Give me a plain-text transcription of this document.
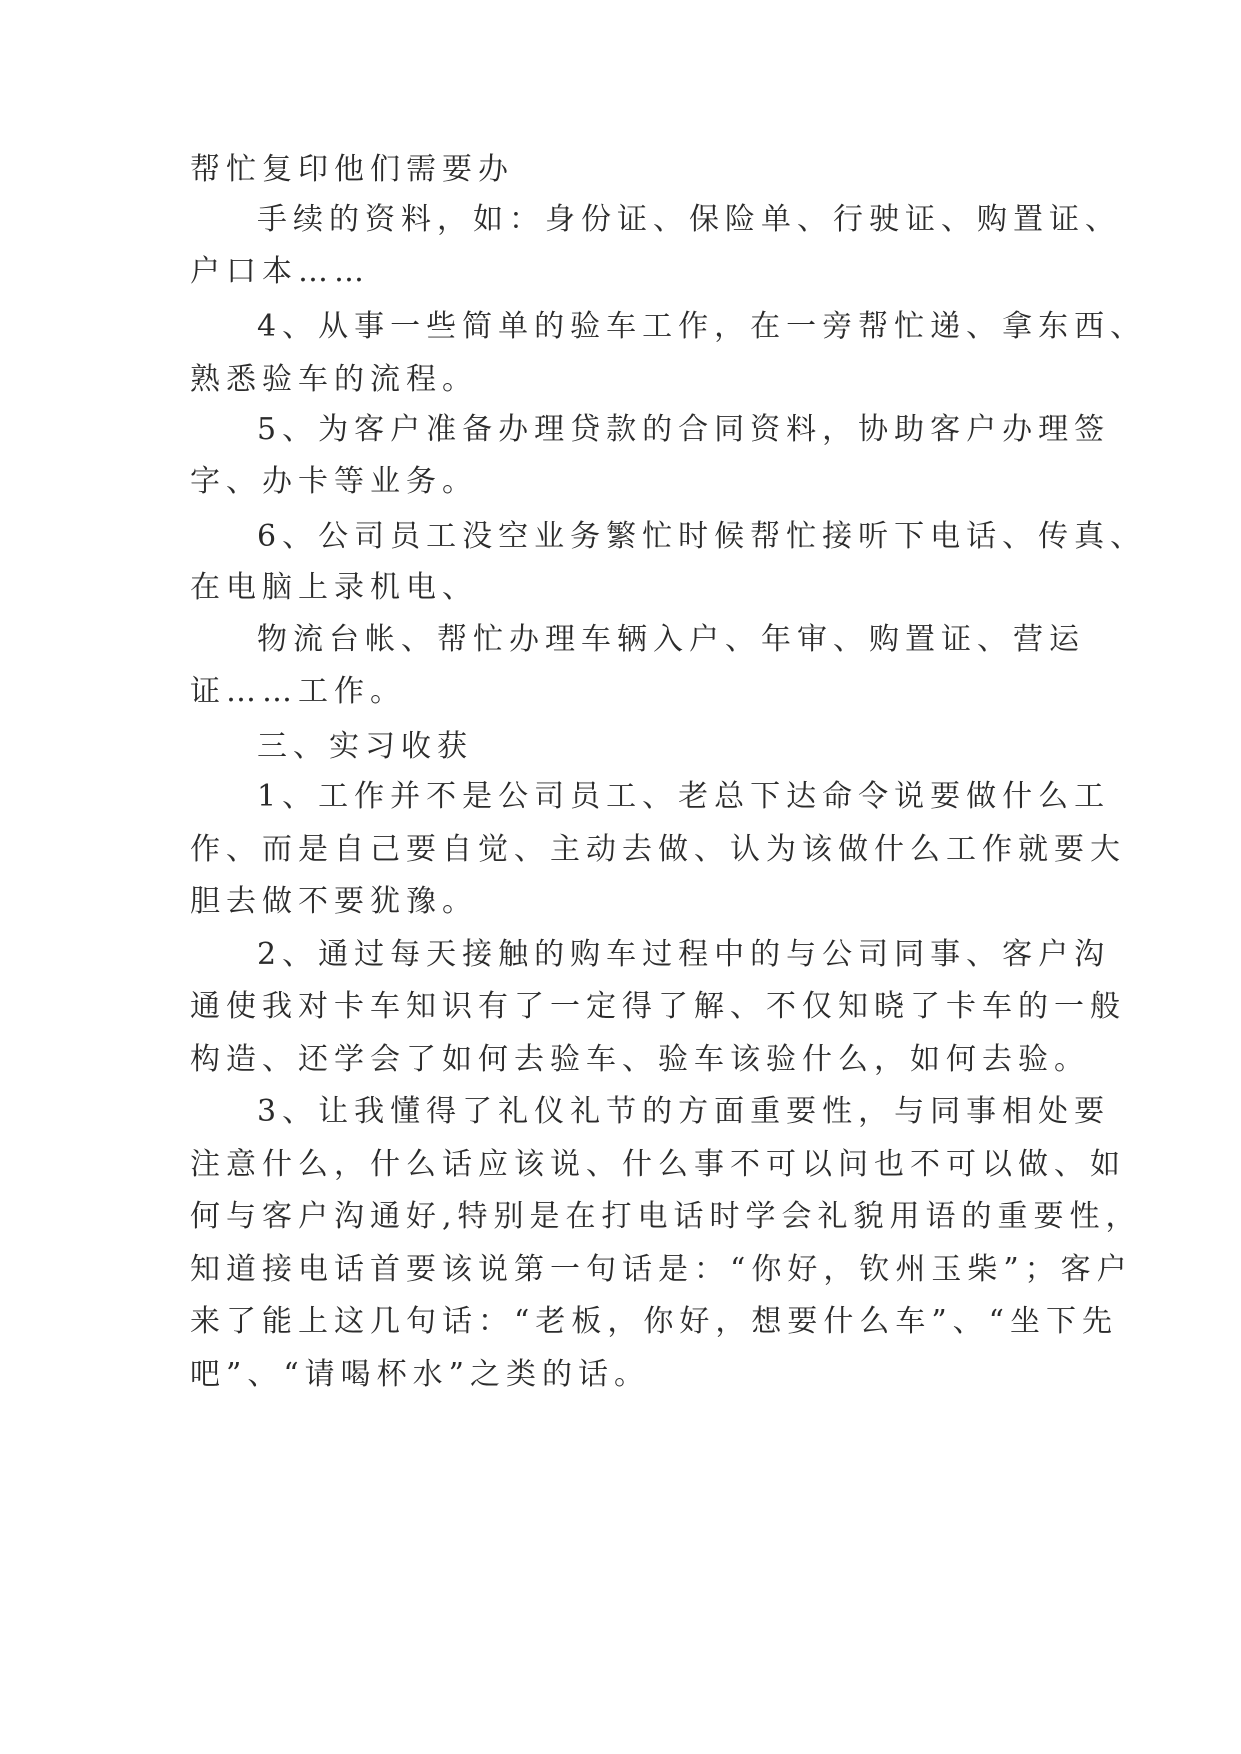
帮忙复印他们需要办

手续的资料，如：身份证、保险单、行驶证、购置证、

户口本……

4、从事一些简单的验车工作，在一旁帮忙递、拿东西、

熟悉验车的流程。

5、为客户准备办理贷款的合同资料，协助客户办理签

字、办卡等业务。

6、公司员工没空业务繁忙时候帮忙接听下电话、传真、

在电脑上录机电、

物流台帐、帮忙办理车辆入户、年审、购置证、营运

证……工作。

三、实习收获

1、工作并不是公司员工、老总下达命令说要做什么工

作、而是自己要自觉、主动去做、认为该做什么工作就要大

胆去做不要犹豫。

2、通过每天接触的购车过程中的与公司同事、客户沟

通使我对卡车知识有了一定得了解、不仅知晓了卡车的一般

构造、还学会了如何去验车、验车该验什么，如何去验。

3、让我懂得了礼仪礼节的方面重要性，与同事相处要

注意什么，什么话应该说、什么事不可以问也不可以做、如

何与客户沟通好,特别是在打电话时学会礼貌用语的重要性，

知道接电话首要该说第一句话是：“你好，钦州玉柴”；客户

来了能上这几句话：“老板，你好，想要什么车”、“坐下先

吧”、“请喝杯水”之类的话。
